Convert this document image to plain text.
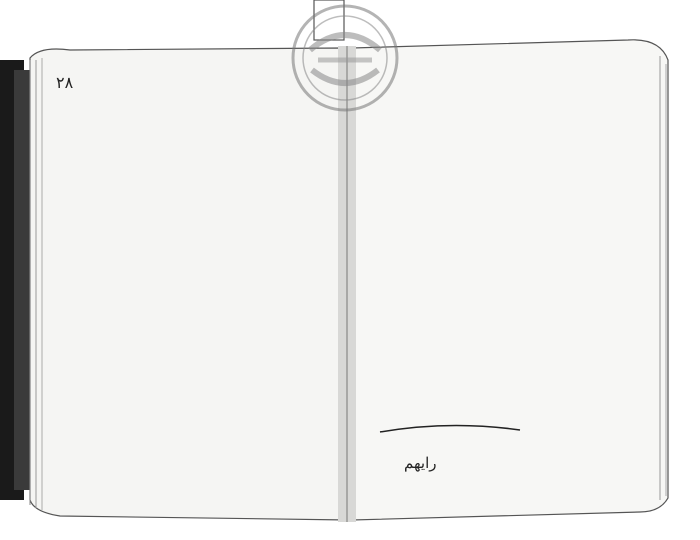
٢٨
رايهم
